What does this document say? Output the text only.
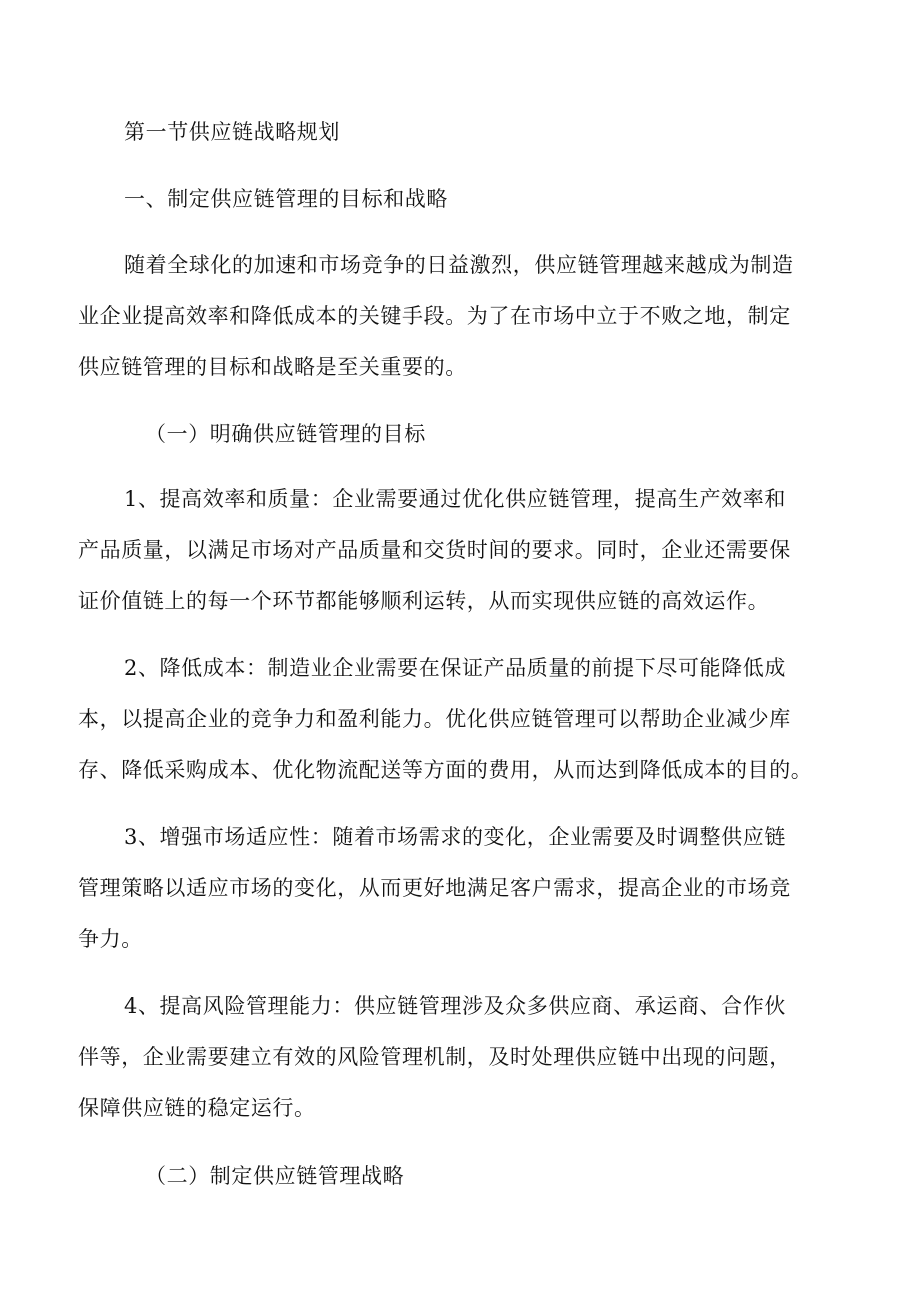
第一节供应链战略规划
一、制定供应链管理的目标和战略
随着全球化的加速和市场竞争的日益激烈，供应链管理越来越成为制造
业企业提高效率和降低成本的关键手段。为了在市场中立于不败之地，制定
供应链管理的目标和战略是至关重要的。
（一）明确供应链管理的目标
1、提高效率和质量：企业需要通过优化供应链管理，提高生产效率和
产品质量，以满足市场对产品质量和交货时间的要求。同时，企业还需要保
证价值链上的每一个环节都能够顺利运转，从而实现供应链的高效运作。
2、降低成本：制造业企业需要在保证产品质量的前提下尽可能降低成
本，以提高企业的竞争力和盈利能力。优化供应链管理可以帮助企业减少库
存、降低采购成本、优化物流配送等方面的费用，从而达到降低成本的目的。
3、增强市场适应性：随着市场需求的变化，企业需要及时调整供应链
管理策略以适应市场的变化，从而更好地满足客户需求，提高企业的市场竞
争力。
4、提高风险管理能力：供应链管理涉及众多供应商、承运商、合作伙
伴等，企业需要建立有效的风险管理机制，及时处理供应链中出现的问题，
保障供应链的稳定运行。
（二）制定供应链管理战略
